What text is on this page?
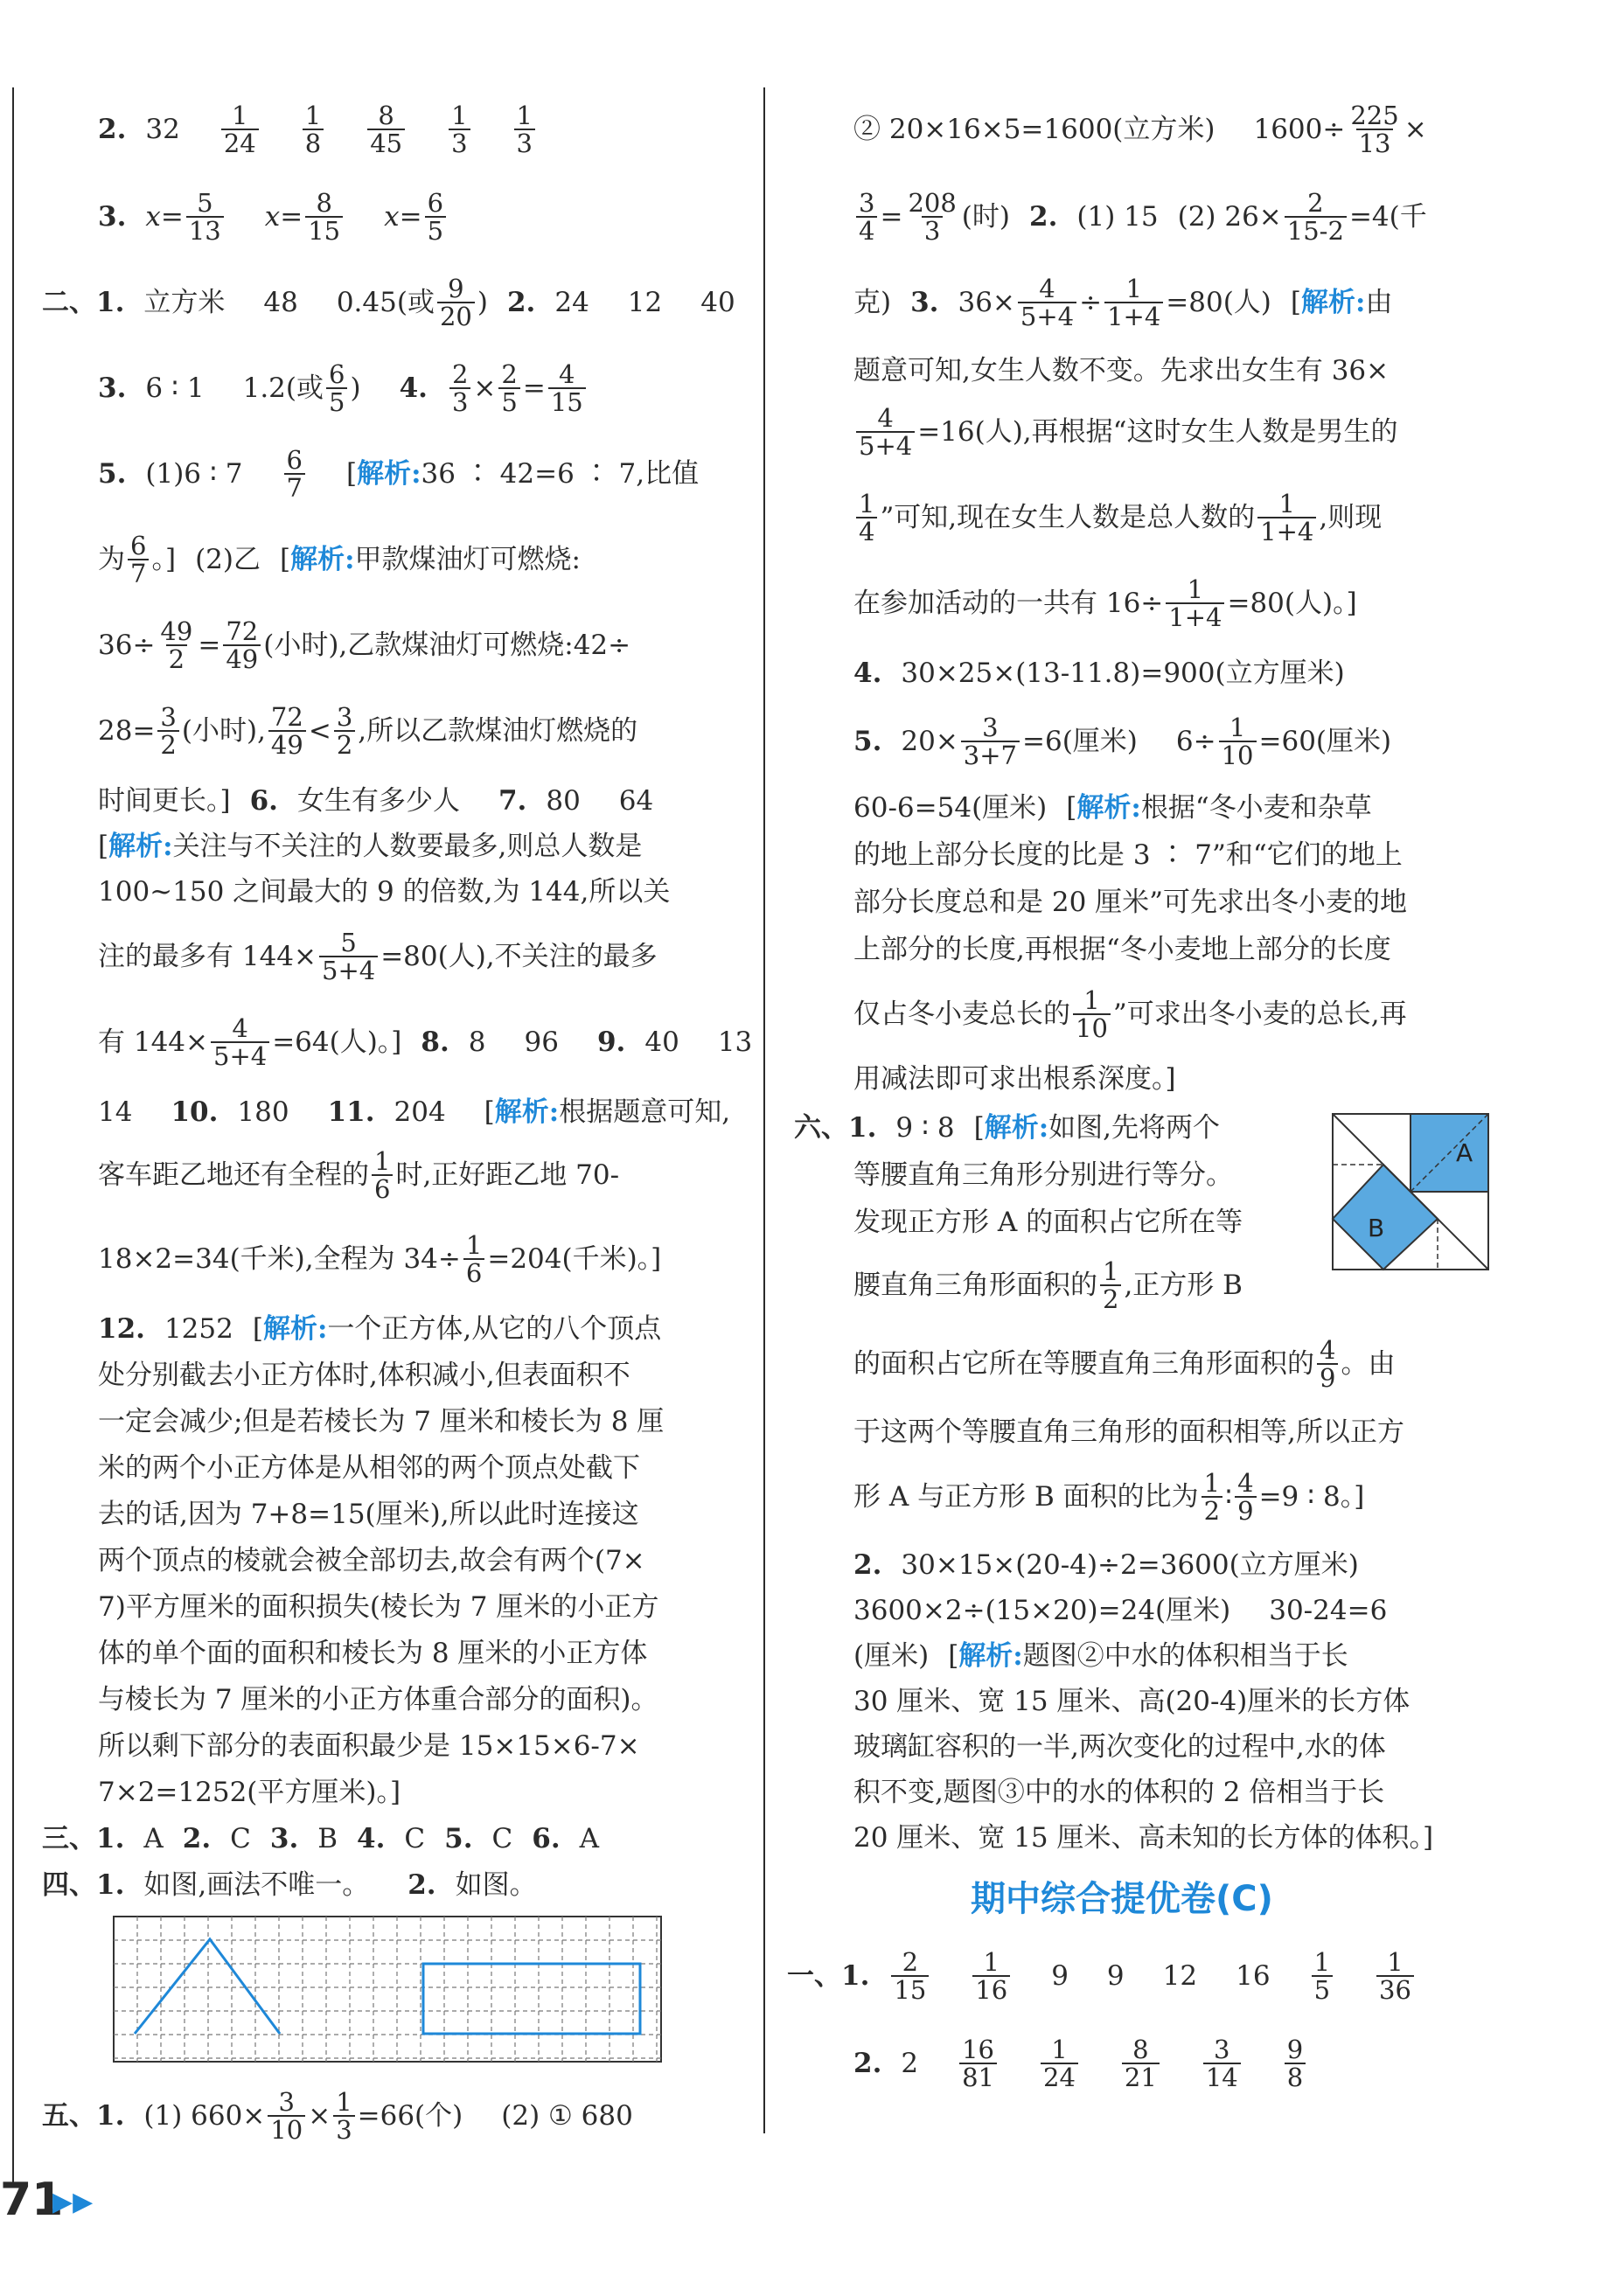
2. 32 1
24
1
8
8
45
1
3
1
3
3. $x= \frac{5}{13} x= \frac{8}{15} x= \frac{6}{5}$
二、1. 立方米 48 0.45(或 9
20 ) 2. 24 12 40
3. 6 ∶ 1 1.2(或 6
5 ) 4. $\frac{2}{3} \times \frac{2}{5} = \frac{4}{15}$
5. (1)6 ∶ 7 6
7 [ 解析: 36 ∶ 42=6 ∶ 7,比值
为 6
7 。] (2)乙 [ 解析: 甲款煤油灯可燃烧:
$36\div \frac{49}{2} = \frac{72}{49}$ (小时),乙款煤油灯可燃烧:42÷
$28= \frac{3}{2}$ (小时), 72
49 < 3
2 ,所以乙款煤油灯燃烧的
时间更长。] 6. 女生有多少人 7. 80 64
[ 解析: 关注与不关注的人数要最多,则总人数是
100~150 之间最大的 9 的倍数,为 144,所以关
注的最多有 $144\times \frac{5}{5+4} =80$(人),不关注的最多
有 $144\times \frac{4}{5+4} =64$(人)。] 8. 8 96 9. 40 13
14 10. 180 11. 204 [ 解析: 根据题意可知,
客车距乙地还有全程的 1
6 时,正好距乙地 70-
18×2=34(千米),全程为 $34\div \frac{1}{6} =204$(千米)。]
12. 1252 [ 解析: 一个正方体,从它的八个顶点
处分别截去小正方体时,体积减小,但表面积不
一定会减少;但是若棱长为 7 厘米和棱长为 8 厘
米的两个小正方体是从相邻的两个顶点处截下
去的话,因为 7+8=15(厘米),所以此时连接这
两个顶点的棱就会被全部切去,故会有两个(7×
7)平方厘米的面积损失(棱长为 7 厘米的小正方
体的单个面的面积和棱长为 8 厘米的小正方体
与棱长为 7 厘米的小正方体重合部分的面积)。
所以剩下部分的表面积最少是 15×15×6-7×
7×2=1252(平方厘米)。]
三、1. A 2. C 3. B 4. C 5. C 6. A
四、1. 如图,画法不唯一。 2. 如图。
五、1. (1) $660\times \frac{3}{10} \times \frac{1}{3} =66$(个) (2) ① 680
② 20×16×5=1600(立方米) $1600\div \frac{225}{13}$ ×
$\frac{3}{4} = \frac{208}{3}$ (时) 2. (1) 15 (2) $26\times \frac{2}{15-2} =4$(千
克) 3. $36\times \frac{4}{5+4} \div \frac{1}{1+4} =80$(人) [ 解析: 由
题意可知,女生人数不变。先求出女生有 36×
$\frac{4}{5+4} =16$(人),再根据“这时女生人数是男生的
1
4 ”可知,现在女生人数是总人数的 1
1+4 ,则现
在参加活动的一共有 $16\div \frac{1}{1+4} =80$(人)。]
4. 30×25×(13-11.8)=900(立方厘米)
5. $20\times \frac{3}{3+7} =6$(厘米) $6\div \frac{1}{10} =60$(厘米)
60-6=54(厘米) [ 解析: 根据“冬小麦和杂草
的地上部分长度的比是 3 ∶ 7”和“它们的地上
部分长度总和是 20 厘米”可先求出冬小麦的地
上部分的长度,再根据“冬小麦地上部分的长度
仅占冬小麦总长的 1
10 ”可求出冬小麦的总长,再
用减法即可求出根系深度。]
六、1. 9 ∶ 8 [ 解析: 如图,先将两个
等腰直角三角形分别进行等分。
发现正方形 A 的面积占它所在等
腰直角三角形面积的 1
2 ,正方形 B
A
B
的面积占它所在等腰直角三角形面积的 4
9 。由
于这两个等腰直角三角形的面积相等,所以正方
形 A 与正方形 B 面积的比为 1
2 ∶ $\frac{4}{9} =9$ ∶ 8。]
2. 30×15×(20-4)÷2=3600(立方厘米)
3600×2÷(15×20)=24(厘米) 30-24=6
(厘米) [ 解析: 题图②中水的体积相当于长
30 厘米、宽 15 厘米、高(20-4)厘米的长方体
玻璃缸容积的一半,两次变化的过程中,水的体
积不变,题图③中的水的体积的 2 倍相当于长
20 厘米、宽 15 厘米、高未知的长方体的体积。]
期中综合提优卷(C)
一、1. 2
15
1
16 9 9 12 16 1
5
1
36
2. 2 16
81
1
24
8
21
3
14
9
8
71
▶▶
